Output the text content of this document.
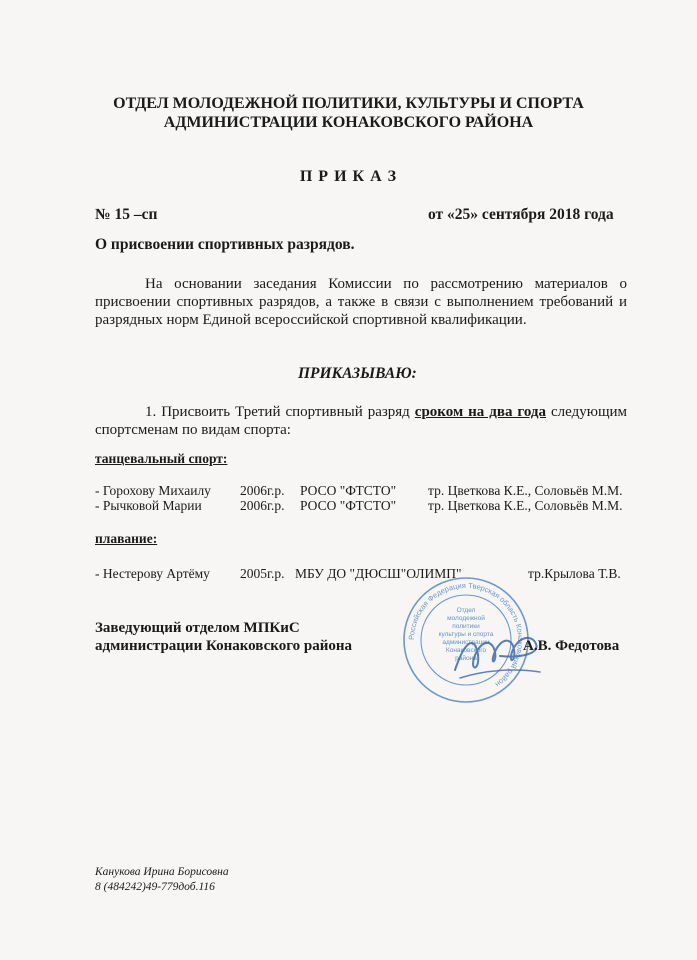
ОТДЕЛ МОЛОДЕЖНОЙ ПОЛИТИКИ, КУЛЬТУРЫ И СПОРТА
АДМИНИСТРАЦИИ КОНАКОВСКОГО РАЙОНА
П Р И К А З
№ 15 –сп	от «25» сентября 2018 года
О присвоении спортивных разрядов.
На основании заседания Комиссии по рассмотрению материалов о присвоении спортивных разрядов, а также в связи с выполнением требований и разрядных норм Единой всероссийской спортивной квалификации.
ПРИКАЗЫВАЮ:
1. Присвоить Третий спортивный разряд сроком на два года следующим спортсменам по видам спорта:
танцевальный спорт:
- Горохову Михаилу 2006г.р. РОСО "ФТСТО" тр. Цветкова К.Е., Соловьёв М.М.
- Рычковой Марии	2006г.р. РОСО "ФТСТО" тр. Цветкова К.Е., Соловьёв М.М.
плавание:
- Нестерову Артёму 2005г.р. МБУ ДО "ДЮСШ"ОЛИМП"	тр.Крылова Т.В.
Заведующий отделом МПКиС
администрации Конаковского района
Российская Федерация Тверская область Конаковский район
Отдел
молодежной
политики
культуры и спорта
администрации
Конаковского
района
А.В. Федотова
Канукова Ирина Борисовна
8 (484242)49-779доб.116
